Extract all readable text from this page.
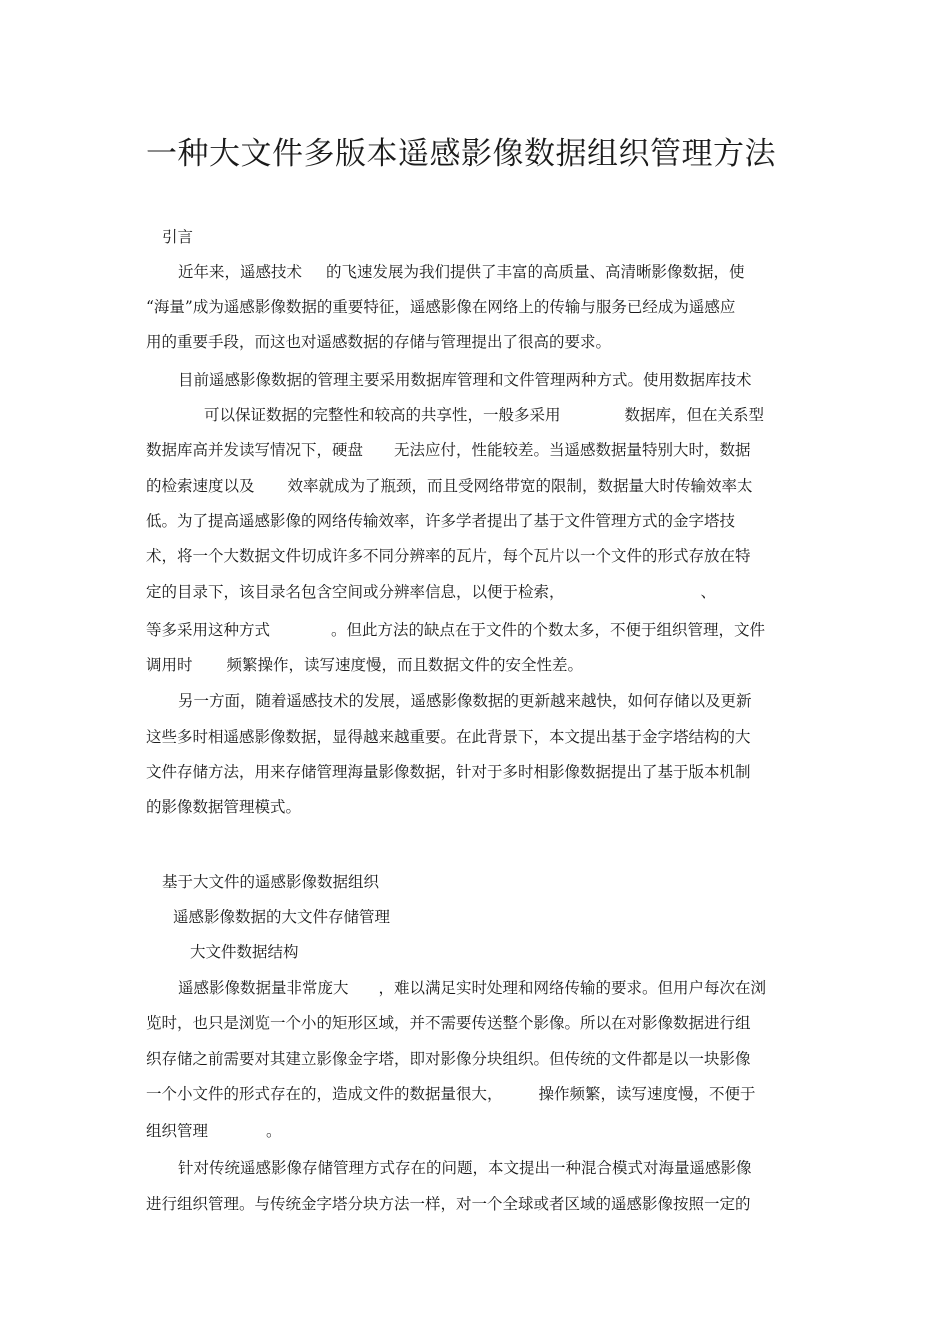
一种大文件多版本遥感影像数据组织管理方法
引言
近年来，遥感技术 的飞速发展为我们提供了丰富的高质量、高清晰影像数据，使
“海量”成为遥感影像数据的重要特征，遥感影像在网络上的传输与服务已经成为遥感应
用的重要手段，而这也对遥感数据的存储与管理提出了很高的要求。
目前遥感影像数据的管理主要采用数据库管理和文件管理两种方式。使用数据库技术
可以保证数据的完整性和较高的共享性，一般多采用	数据库，但在关系型
数据库高并发读写情况下，硬盘 无法应付，性能较差。当遥感数据量特别大时，数据
的检索速度以及 效率就成为了瓶颈，而且受网络带宽的限制，数据量大时传输效率太
低。为了提高遥感影像的网络传输效率，许多学者提出了基于文件管理方式的金字塔技
术，将一个大数据文件切成许多不同分辨率的瓦片，每个瓦片以一个文件的形式存放在特
定的目录下，该目录名包含空间或分辨率信息，以便于检索，	、
等多采用这种方式	。但此方法的缺点在于文件的个数太多，不便于组织管理，文件
调用时 频繁操作，读写速度慢，而且数据文件的安全性差。
另一方面，随着遥感技术的发展，遥感影像数据的更新越来越快，如何存储以及更新
这些多时相遥感影像数据，显得越来越重要。在此背景下，本文提出基于金字塔结构的大
文件存储方法，用来存储管理海量影像数据，针对于多时相影像数据提出了基于版本机制
的影像数据管理模式。
基于大文件的遥感影像数据组织
遥感影像数据的大文件存储管理
大文件数据结构
遥感影像数据量非常庞大 ，难以满足实时处理和网络传输的要求。但用户每次在浏
览时，也只是浏览一个小的矩形区域，并不需要传送整个影像。所以在对影像数据进行组
织存储之前需要对其建立影像金字塔，即对影像分块组织。但传统的文件都是以一块影像
一个小文件的形式存在的，造成文件的数据量很大， 操作频繁，读写速度慢，不便于
组织管理	。
针对传统遥感影像存储管理方式存在的问题，本文提出一种混合模式对海量遥感影像
进行组织管理。与传统金字塔分块方法一样，对一个全球或者区域的遥感影像按照一定的
